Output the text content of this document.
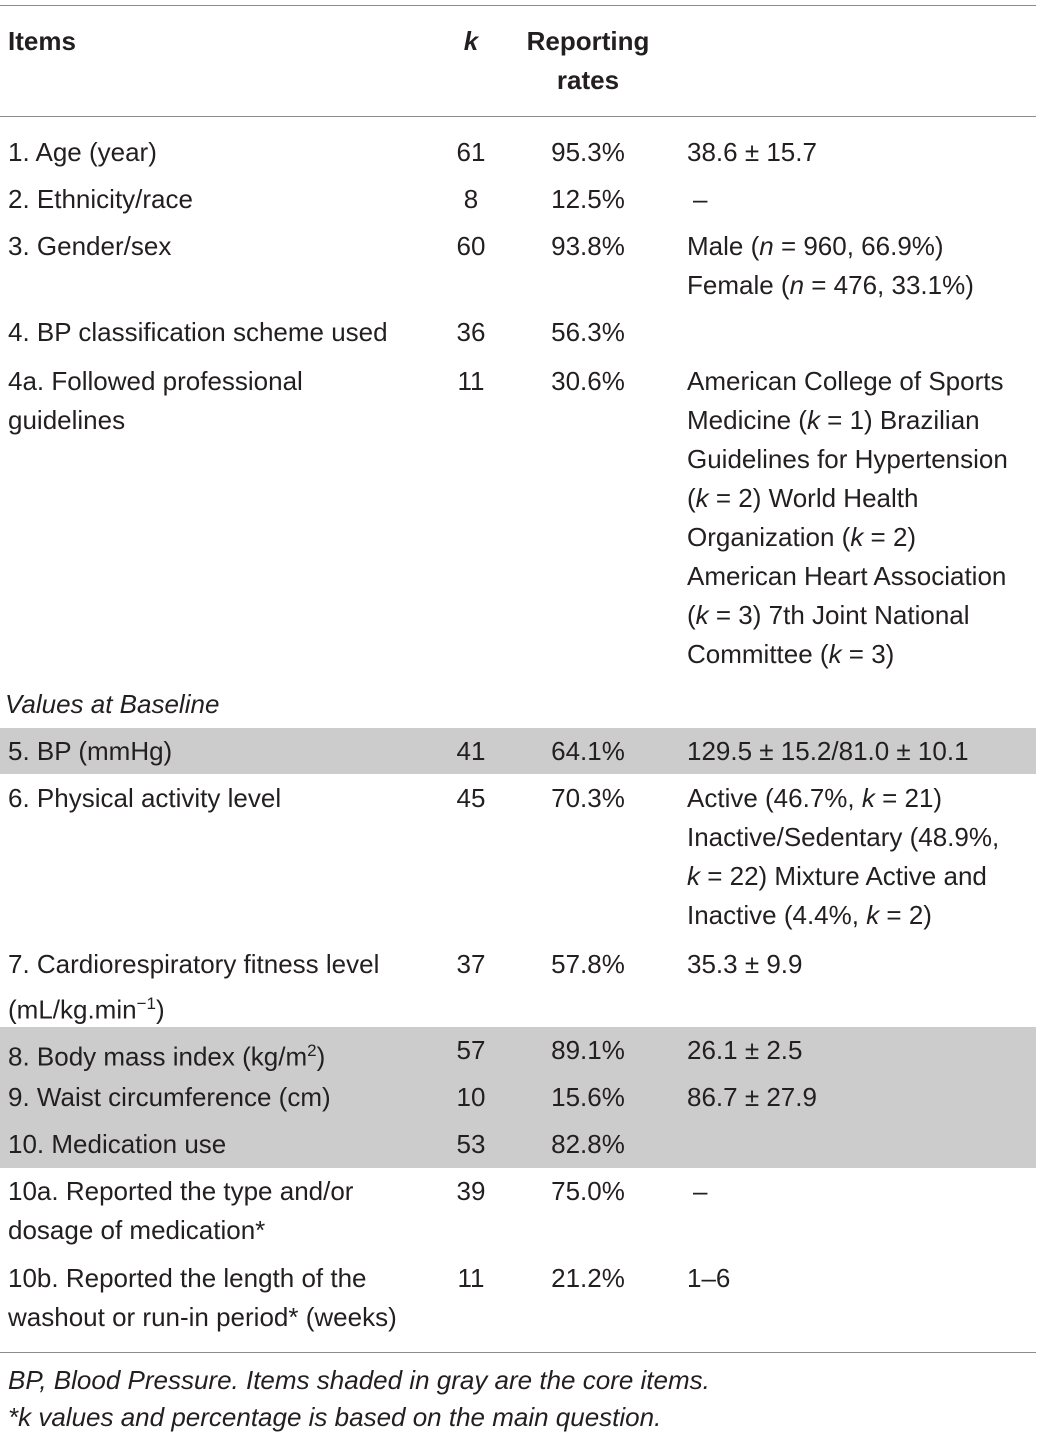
Items	k	Reporting
rates
1. Age (year)	61	95.3%	38.6 ± 15.7
2. Ethnicity/race	8	12.5%	–
3. Gender/sex	60	93.8%	Male (n = 960, 66.9%)
Female (n = 476, 33.1%)
4. BP classification scheme used	36	56.3%
4a. Followed professional
guidelines
11	30.6%	American College of Sports
Medicine (k = 1) Brazilian
Guidelines for Hypertension
(k = 2) World Health
Organization (k = 2)
American Heart Association
(k = 3) 7th Joint National
Committee (k = 3)
Values at Baseline
5. BP (mmHg)	41	64.1%	129.5 ± 15.2/81.0 ± 10.1
6. Physical activity level	45	70.3%	Active (46.7%, k = 21)
Inactive/Sedentary (48.9%,
k = 22) Mixture Active and
Inactive (4.4%, k = 2)
7. Cardiorespiratory fitness level
$(mL/kg.\min^{-1})$
37	57.8%	35.3 ± 9.9
8. Body mass index $(kg/m^2)$	57	89.1%	26.1 ± 2.5
9. Waist circumference (cm)	10	15.6%	86.7 ± 27.9
10. Medication use	53	82.8%
10a. Reported the type and/or
dosage of medication*
39	75.0%	–
10b. Reported the length of the
washout or run-in period* (weeks)
11	21.2%	1–6
BP, Blood Pressure. Items shaded in gray are the core items.
*k values and percentage is based on the main question.
